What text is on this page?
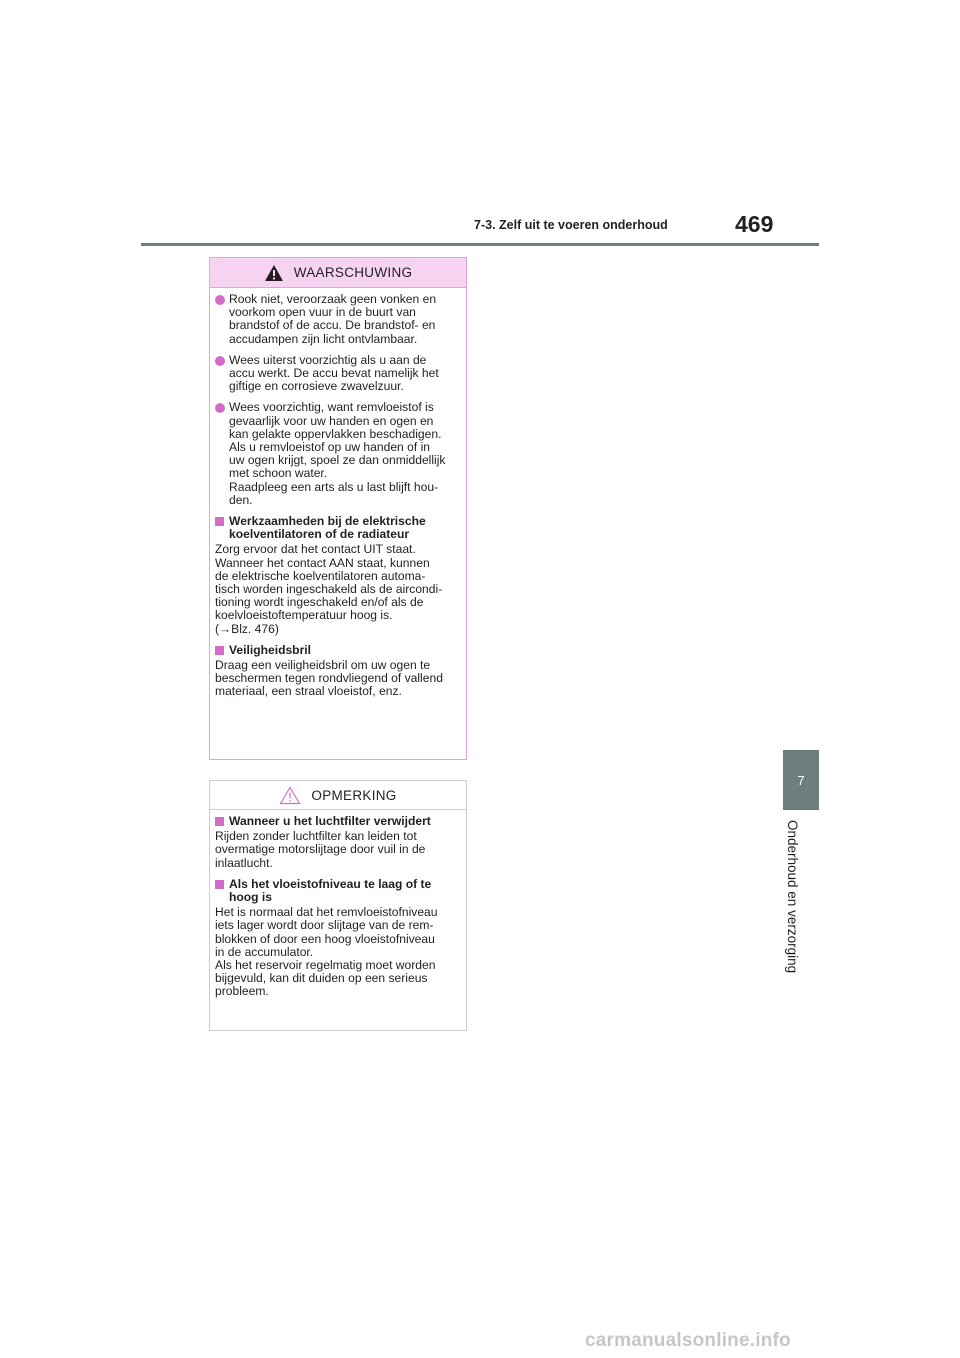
7-3. Zelf uit te voeren onderhoud	469
7
Onderhoud en verzorging
WAARSCHUWING
Rook niet, veroorzaak geen vonken en
voorkom open vuur in de buurt van
brandstof of de accu. De brandstof- en
accudampen zijn licht ontvlambaar.
Wees uiterst voorzichtig als u aan de
accu werkt. De accu bevat namelijk het
giftige en corrosieve zwavelzuur.
Wees voorzichtig, want remvloeistof is
gevaarlijk voor uw handen en ogen en
kan gelakte oppervlakken beschadigen.
Als u remvloeistof op uw handen of in
uw ogen krijgt, spoel ze dan onmiddellijk
met schoon water.
Raadpleeg een arts als u last blijft hou-
den.
Werkzaamheden bij de elektrische
koelventilatoren of de radiateur
Zorg ervoor dat het contact UIT staat.
Wanneer het contact AAN staat, kunnen
de elektrische koelventilatoren automa-
tisch worden ingeschakeld als de aircondi-
tioning wordt ingeschakeld en/of als de
koelvloeistoftemperatuur hoog is.
(→Blz. 476)
Veiligheidsbril
Draag een veiligheidsbril om uw ogen te
beschermen tegen rondvliegend of vallend
materiaal, een straal vloeistof, enz.
OPMERKING
Wanneer u het luchtfilter verwijdert
Rijden zonder luchtfilter kan leiden tot
overmatige motorslijtage door vuil in de
inlaatlucht.
Als het vloeistofniveau te laag of te
hoog is
Het is normaal dat het remvloeistofniveau
iets lager wordt door slijtage van de rem-
blokken of door een hoog vloeistofniveau
in de accumulator.
Als het reservoir regelmatig moet worden
bijgevuld, kan dit duiden op een serieus
probleem.
carmanualsonline.info
